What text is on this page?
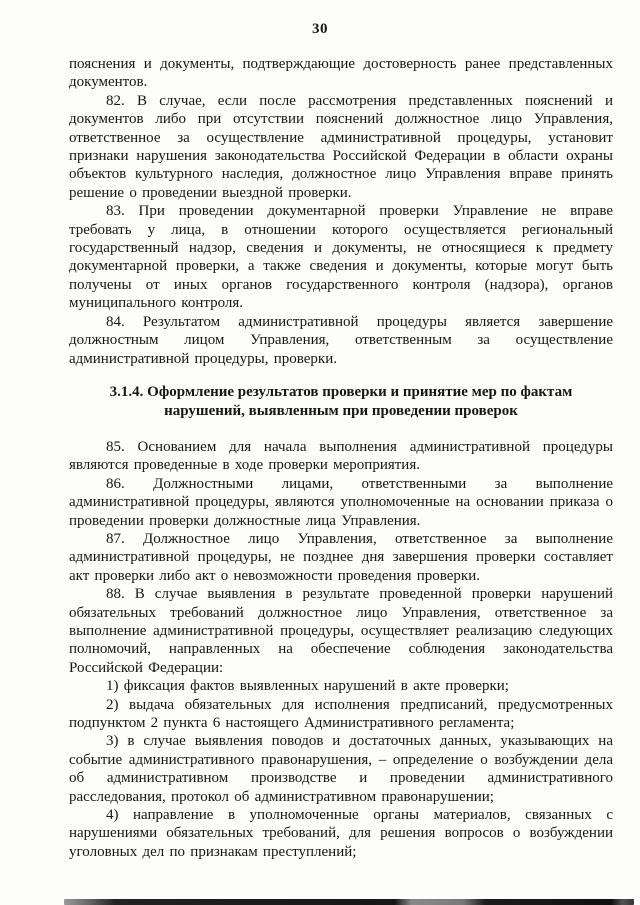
30

пояснения и документы, подтверждающие достоверность ранее представленных документов.

82. В случае, если после рассмотрения представленных пояснений и документов либо при отсутствии пояснений должностное лицо Управления, ответственное за осуществление административной процедуры, установит признаки нарушения законодательства Российской Федерации в области охраны объектов культурного наследия, должностное лицо Управления вправе принять решение о проведении выездной проверки.

83. При проведении документарной проверки Управление не вправе требовать у лица, в отношении которого осуществляется региональный государственный надзор, сведения и документы, не относящиеся к предмету документарной проверки, а также сведения и документы, которые могут быть получены от иных органов государственного контроля (надзора), органов муниципального контроля.

84. Результатом административной процедуры является завершение должностным лицом Управления, ответственным за осуществление административной процедуры, проверки.

3.1.4. Оформление результатов проверки и принятие мер по фактам нарушений, выявленным при проведении проверок

85. Основанием для начала выполнения административной процедуры являются проведенные в ходе проверки мероприятия.

86. Должностными лицами, ответственными за выполнение административной процедуры, являются уполномоченные на основании приказа о проведении проверки должностные лица Управления.

87. Должностное лицо Управления, ответственное за выполнение административной процедуры, не позднее дня завершения проверки составляет акт проверки либо акт о невозможности проведения проверки.

88. В случае выявления в результате проведенной проверки нарушений обязательных требований должностное лицо Управления, ответственное за выполнение административной процедуры, осуществляет реализацию следующих полномочий, направленных на обеспечение соблюдения законодательства Российской Федерации:

1) фиксация фактов выявленных нарушений в акте проверки;

2) выдача обязательных для исполнения предписаний, предусмотренных подпунктом 2 пункта 6 настоящего Административного регламента;

3) в случае выявления поводов и достаточных данных, указывающих на событие административного правонарушения, – определение о возбуждении дела об административном производстве и проведении административного расследования, протокол об административном правонарушении;

4) направление в уполномоченные органы материалов, связанных с нарушениями обязательных требований, для решения вопросов о возбуждении уголовных дел по признакам преступлений;
